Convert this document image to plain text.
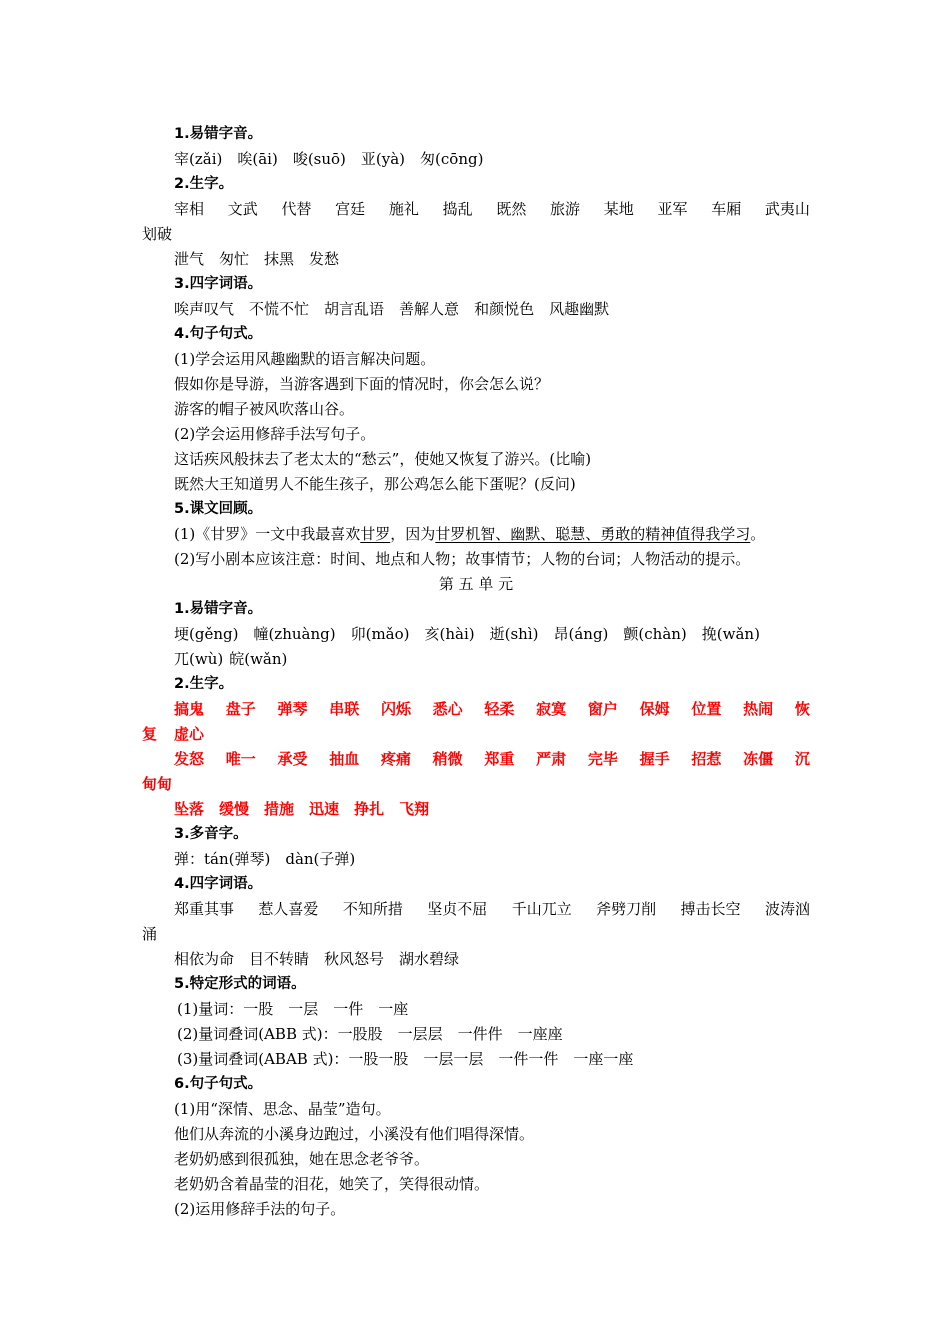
1.易错字音。
宰(zǎi) 唉(āi) 唆(suō) 亚(yà) 匆(cōng)
2.生字。
宰相 文武 代替 宫廷 施礼 捣乱 既然 旅游 某地 亚军 车厢 武夷山
划破
泄气 匆忙 抹黑 发愁
3.四字词语。
唉声叹气 不慌不忙 胡言乱语 善解人意 和颜悦色 风趣幽默
4.句子句式。
(1)学会运用风趣幽默的语言解决问题。
假如你是导游，当游客遇到下面的情况时，你会怎么说？
游客的帽子被风吹落山谷。
(2)学会运用修辞手法写句子。
这话疾风般抹去了老太太的“愁云”，使她又恢复了游兴。(比喻)
既然大王知道男人不能生孩子，那公鸡怎么能下蛋呢？(反问)
5.课文回顾。
(1)《甘罗》一文中我最喜欢甘罗，因为甘罗机智、幽默、聪慧、勇敢的精神值得我学习。
(2)写小剧本应该注意：时间、地点和人物；故事情节；人物的台词；人物活动的提示。
第 五 单 元
1.易错字音。
埂(gěng) 幢(zhuàng) 卯(mǎo) 亥(hài) 逝(shì) 昂(áng) 颤(chàn) 挽(wǎn)
兀(wù) 皖(wǎn)
2.生字。
搞鬼 盘子 弹琴 串联 闪烁 悉心 轻柔 寂寞 窗户 保姆 位置 热闹 恢
复 虚心
发怒 唯一 承受 抽血 疼痛 稍微 郑重 严肃 完毕 握手 招惹 冻僵 沉
甸甸
坠落 缓慢 措施 迅速 挣扎 飞翔
3.多音字。
弹：tán(弹琴)　dàn(子弹)
4.四字词语。
郑重其事 惹人喜爱 不知所措 坚贞不屈 千山兀立 斧劈刀削 搏击长空 波涛汹
涌
相依为命 目不转睛 秋风怒号 湖水碧绿
5.特定形式的词语。
(1)量词：一股　一层　一件　一座
(2)量词叠词(ABB 式)：一股股　一层层　一件件　一座座
(3)量词叠词(ABAB 式)：一股一股　一层一层　一件一件　一座一座
6.句子句式。
(1)用“深情、思念、晶莹”造句。
他们从奔流的小溪身边跑过，小溪没有他们唱得深情。
老奶奶感到很孤独，她在思念老爷爷。
老奶奶含着晶莹的泪花，她笑了，笑得很动情。
(2)运用修辞手法的句子。
